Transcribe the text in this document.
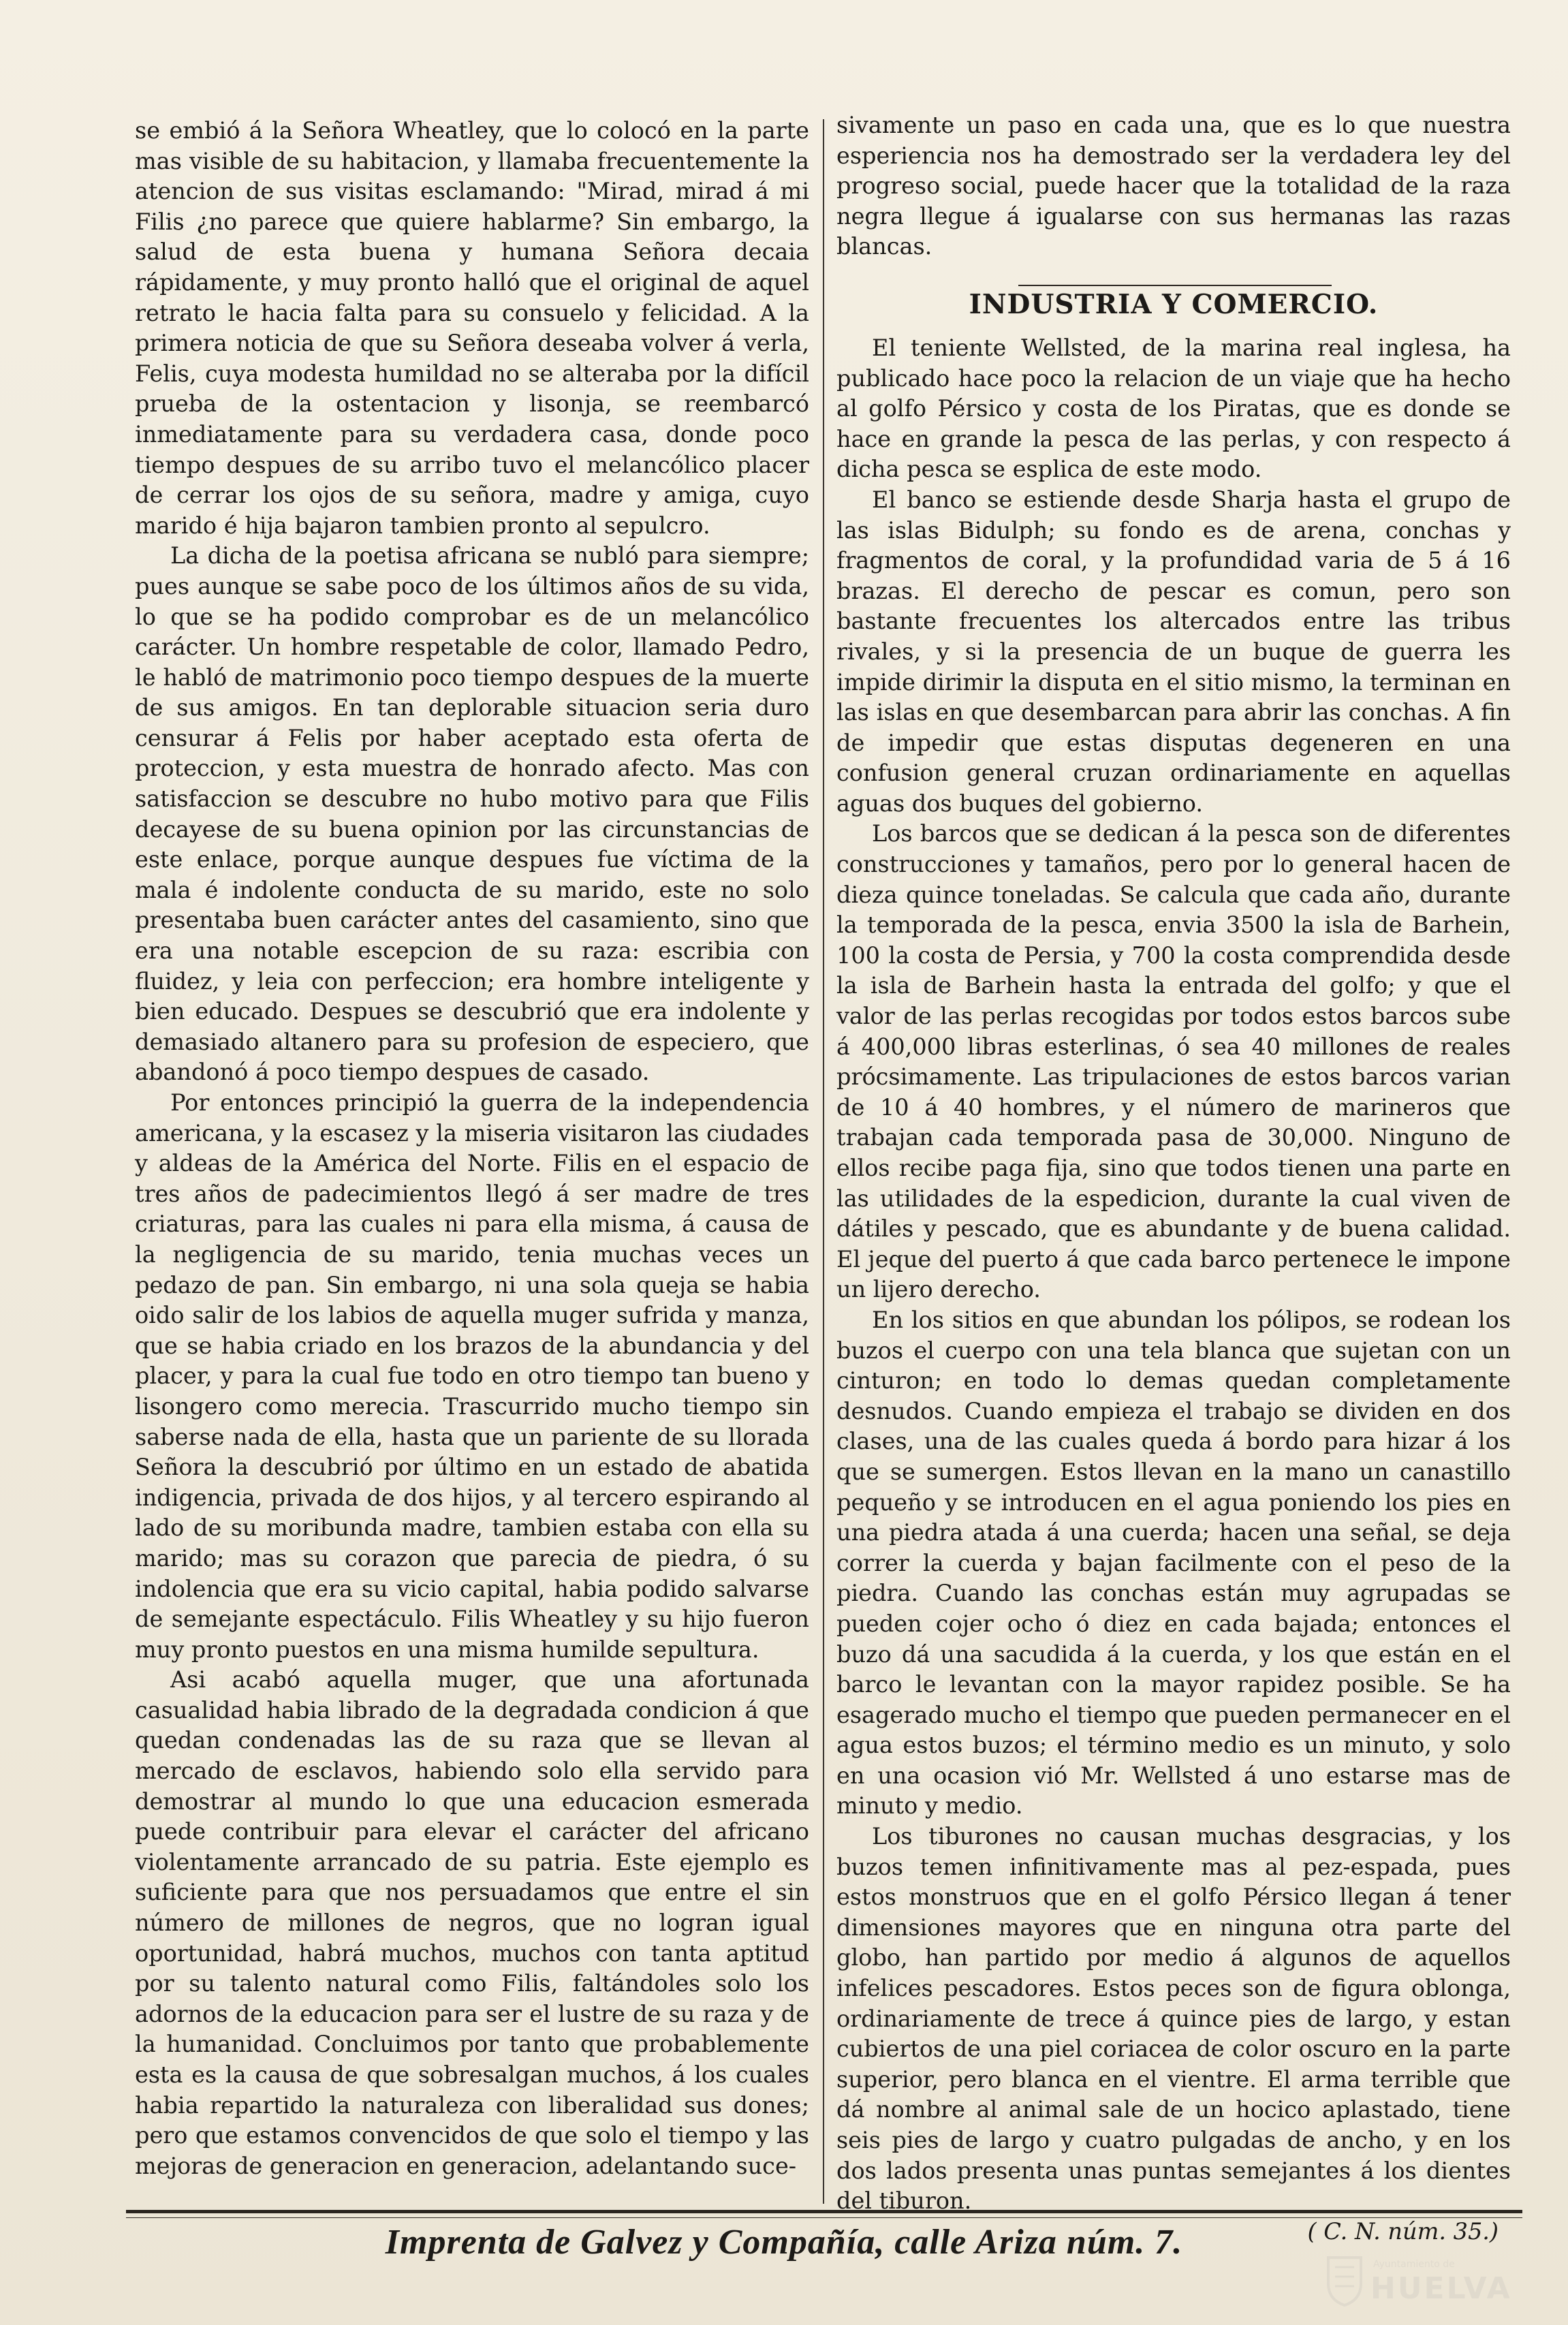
se embió á la Señora Wheatley, que lo colocó en la parte mas visible de su habitacion, y llamaba frecuentemente la atencion de sus visitas esclamando: "Mirad, mirad á mi Filis ¿no parece que quiere hablarme? Sin embargo, la salud de esta buena y humana Señora decaia rápidamente, y muy pronto halló que el original de aquel retrato le hacia falta para su consuelo y felicidad. A la primera noticia de que su Señora deseaba volver á verla, Felis, cuya modesta humildad no se alteraba por la difícil prueba de la ostentacion y lisonja, se reembarcó inmediatamente para su verdadera casa, donde poco tiempo despues de su arribo tuvo el melancólico placer de cerrar los ojos de su señora, madre y amiga, cuyo marido é hija bajaron tambien pronto al sepulcro.

La dicha de la poetisa africana se nubló para siempre; pues aunque se sabe poco de los últimos años de su vida, lo que se ha podido comprobar es de un melancólico carácter. Un hombre respetable de color, llamado Pedro, le habló de matrimonio poco tiempo despues de la muerte de sus amigos. En tan deplorable situacion seria duro censurar á Felis por haber aceptado esta oferta de proteccion, y esta muestra de honrado afecto. Mas con satisfaccion se descubre no hubo motivo para que Filis decayese de su buena opinion por las circunstancias de este enlace, porque aunque despues fue víctima de la mala é indolente conducta de su marido, este no solo presentaba buen carácter antes del casamiento, sino que era una notable escepcion de su raza: escribia con fluidez, y leia con perfeccion; era hombre inteligente y bien educado. Despues se descubrió que era indolente y demasiado altanero para su profesion de especiero, que abandonó á poco tiempo despues de casado.

Por entonces principió la guerra de la independencia americana, y la escasez y la miseria visitaron las ciudades y aldeas de la América del Norte. Filis en el espacio de tres años de padecimientos llegó á ser madre de tres criaturas, para las cuales ni para ella misma, á causa de la negligencia de su marido, tenia muchas veces un pedazo de pan. Sin embargo, ni una sola queja se habia oido salir de los labios de aquella muger sufrida y manza, que se habia criado en los brazos de la abundancia y del placer, y para la cual fue todo en otro tiempo tan bueno y lisongero como merecia. Trascurrido mucho tiempo sin saberse nada de ella, hasta que un pariente de su llorada Señora la descubrió por último en un estado de abatida indigencia, privada de dos hijos, y al tercero espirando al lado de su moribunda madre, tambien estaba con ella su marido; mas su corazon que parecia de piedra, ó su indolencia que era su vicio capital, habia podido salvarse de semejante espectáculo. Filis Wheatley y su hijo fueron muy pronto puestos en una misma humilde sepultura.

Asi acabó aquella muger, que una afortunada casualidad habia librado de la degradada condicion á que quedan condenadas las de su raza que se llevan al mercado de esclavos, habiendo solo ella servido para demostrar al mundo lo que una educacion esmerada puede contribuir para elevar el carácter del africano violentamente arrancado de su patria. Este ejemplo es suficiente para que nos persuadamos que entre el sin número de millones de negros, que no logran igual oportunidad, habrá muchos, muchos con tanta aptitud por su talento natural como Filis, faltándoles solo los adornos de la educacion para ser el lustre de su raza y de la humanidad. Concluimos por tanto que probablemente esta es la causa de que sobresalgan muchos, á los cuales habia repartido la naturaleza con liberalidad sus dones; pero que estamos convencidos de que solo el tiempo y las mejoras de generacion en generacion, adelantando suce-

sivamente un paso en cada una, que es lo que nuestra esperiencia nos ha demostrado ser la verdadera ley del progreso social, puede hacer que la totalidad de la raza negra llegue á igualarse con sus hermanas las razas blancas.

INDUSTRIA Y COMERCIO.

El teniente Wellsted, de la marina real inglesa, ha publicado hace poco la relacion de un viaje que ha hecho al golfo Pérsico y costa de los Piratas, que es donde se hace en grande la pesca de las perlas, y con respecto á dicha pesca se esplica de este modo.

El banco se estiende desde Sharja hasta el grupo de las islas Bidulph; su fondo es de arena, conchas y fragmentos de coral, y la profundidad varia de 5 á 16 brazas. El derecho de pescar es comun, pero son bastante frecuentes los altercados entre las tribus rivales, y si la presencia de un buque de guerra les impide dirimir la disputa en el sitio mismo, la terminan en las islas en que desembarcan para abrir las conchas. A fin de impedir que estas disputas degeneren en una confusion general cruzan ordinariamente en aquellas aguas dos buques del gobierno.

Los barcos que se dedican á la pesca son de diferentes construcciones y tamaños, pero por lo general hacen de dieza quince toneladas. Se calcula que cada año, durante la temporada de la pesca, envia 3500 la isla de Barhein, 100 la costa de Persia, y 700 la costa comprendida desde la isla de Barhein hasta la entrada del golfo; y que el valor de las perlas recogidas por todos estos barcos sube á 400,000 libras esterlinas, ó sea 40 millones de reales prócsimamente. Las tripulaciones de estos barcos varian de 10 á 40 hombres, y el número de marineros que trabajan cada temporada pasa de 30,000. Ninguno de ellos recibe paga fija, sino que todos tienen una parte en las utilidades de la espedicion, durante la cual viven de dátiles y pescado, que es abundante y de buena calidad. El jeque del puerto á que cada barco pertenece le impone un lijero derecho.

En los sitios en que abundan los pólipos, se rodean los buzos el cuerpo con una tela blanca que sujetan con un cinturon; en todo lo demas quedan completamente desnudos. Cuando empieza el trabajo se dividen en dos clases, una de las cuales queda á bordo para hizar á los que se sumergen. Estos llevan en la mano un canastillo pequeño y se introducen en el agua poniendo los pies en una piedra atada á una cuerda; hacen una señal, se deja correr la cuerda y bajan facilmente con el peso de la piedra. Cuando las conchas están muy agrupadas se pueden cojer ocho ó diez en cada bajada; entonces el buzo dá una sacudida á la cuerda, y los que están en el barco le levantan con la mayor rapidez posible. Se ha esagerado mucho el tiempo que pueden permanecer en el agua estos buzos; el término medio es un minuto, y solo en una ocasion vió Mr. Wellsted á uno estarse mas de minuto y medio.

Los tiburones no causan muchas desgracias, y los buzos temen infinitivamente mas al pez-espada, pues estos monstruos que en el golfo Pérsico llegan á tener dimensiones mayores que en ninguna otra parte del globo, han partido por medio á algunos de aquellos infelices pescadores. Estos peces son de figura oblonga, ordinariamente de trece á quince pies de largo, y estan cubiertos de una piel coriacea de color oscuro en la parte superior, pero blanca en el vientre. El arma terrible que dá nombre al animal sale de un hocico aplastado, tiene seis pies de largo y cuatro pulgadas de ancho, y en los dos lados presenta unas puntas semejantes á los dientes del tiburon.

( C. N. núm. 35.)

Imprenta de Galvez y Compañía, calle Ariza núm. 7.
Ayuntamiento de
HUELVA
